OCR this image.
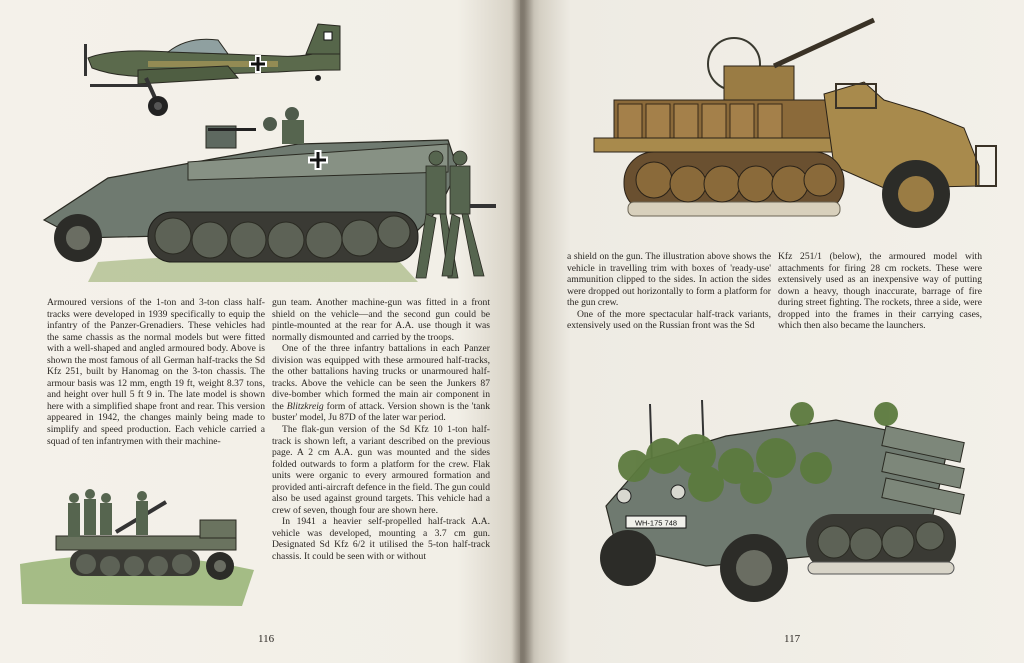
Armoured versions of the 1-ton and 3-ton class half-tracks were developed in 1939 specifically to equip the infantry of the Panzer-Grenadiers. These vehicles had the same chassis as the normal models but were fitted with a well-shaped and angled armoured body. Above is shown the most famous of all German half-tracks the Sd Kfz 251, built by Hanomag on the 3-ton chassis. The armour basis was 12 mm, ength 19 ft, weight 8.37 tons, and height over hull 5 ft 9 in. The late model is shown here with a simplified shape front and rear. This version appeared in 1942, the changes mainly being made to simplify and speed production. Each vehicle carried a squad of ten infantrymen with their machine-

gun team. Another machine-gun was fitted in a front shield on the vehicle—and the second gun could be pintle-mounted at the rear for A.A. use though it was normally dismounted and carried by the troops.

One of the three infantry battalions in each Panzer division was equipped with these armoured half-tracks, the other battalions having trucks or unarmoured half-tracks. Above the vehicle can be seen the Junkers 87 dive-bomber which formed the main air component in the Blitzkreig form of attack. Version shown is the 'tank buster' model, Ju 87D of the later war period.

The flak-gun version of the Sd Kfz 10 1-ton half-track is shown left, a variant described on the previous page. A 2 cm A.A. gun was mounted and the sides folded outwards to form a platform for the crew. Flak units were organic to every armoured formation and provided anti-aircraft defence in the field. The gun could also be used against ground targets. This vehicle had a crew of seven, though four are shown here.

In 1941 a heavier self-propelled half-track A.A. vehicle was developed, mounting a 3.7 cm gun. Designated Sd Kfz 6/2 it utilised the 5-ton half-track chassis. It could be seen with or without

116
WH-175 748

a shield on the gun. The illustration above shows the vehicle in travelling trim with boxes of 'ready-use' ammunition clipped to the sides. In action the sides were dropped out horizontally to form a platform for the gun crew.

One of the more spectacular half-track variants, extensively used on the Russian front was the Sd

Kfz 251/1 (below), the armoured model with attachments for firing 28 cm rockets. These were extensively used as an inexpensive way of putting down a heavy, though inaccurate, barrage of fire during street fighting. The rockets, three a side, were dropped into the frames in their carrying cases, which then also became the launchers.

117
